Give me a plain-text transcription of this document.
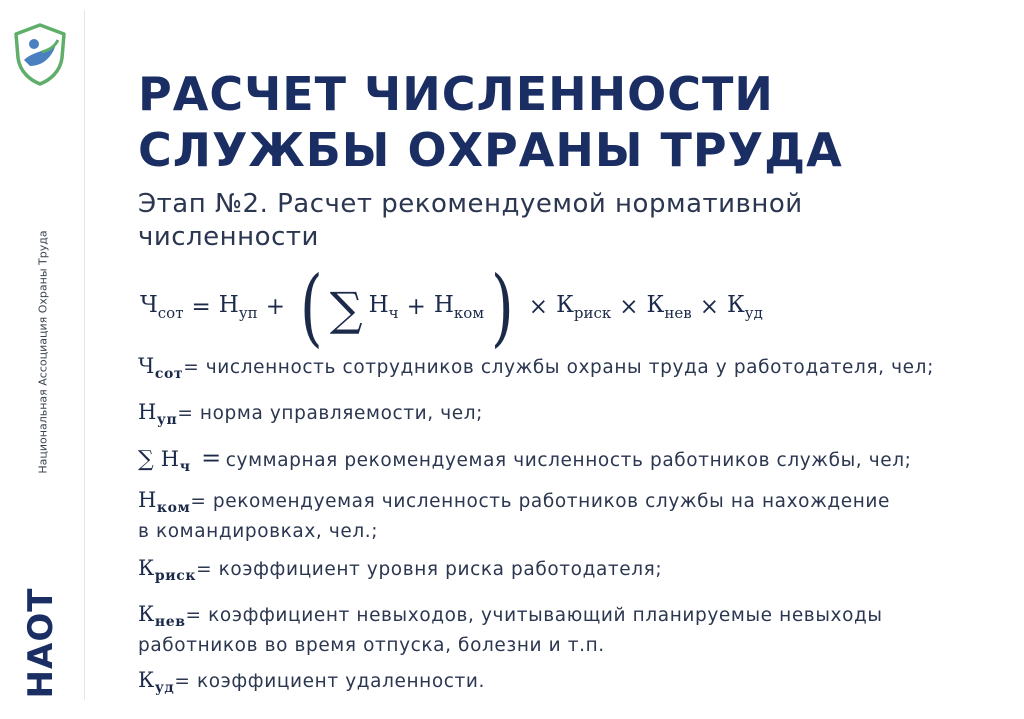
Национальная Ассоциация Охраны Труда
НАОТ
РАСЧЕТ ЧИСЛЕННОСТИ
СЛУЖБЫ ОХРАНЫ ТРУДА
Этап №2. Расчет рекомендуемой нормативной
численности
$Ч_{сот} = Н_{уп}$ + ( ∑ $Н_ч + Н_{ком}$ ) × $К_{риск} \times К_{нев} \times К_{уд}$
$Ч_{сот}=$ численность сотрудников службы охраны труда у работодателя, чел;
$Н_{уп}=$ норма управляемости, чел;
∑ $Н_ч$ = суммарная рекомендуемая численность работников службы, чел;
$Н_{ком}=$ рекомендуемая численность работников службы на нахождение
в командировках, чел.;
$К_{риск}=$ коэффициент уровня риска работодателя;
$К_{нев}=$ коэффициент невыходов, учитывающий планируемые невыходы
работников во время отпуска, болезни и т.п.
$К_{уд}=$ коэффициент удаленности.
